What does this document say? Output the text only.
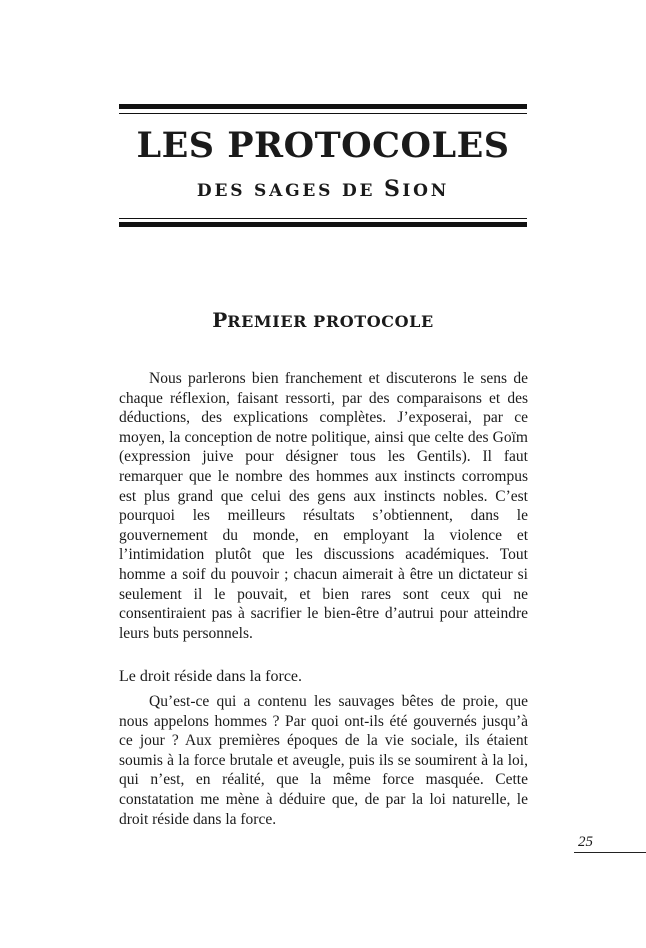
LES PROTOCOLES
DES SAGES DE SION
PREMIER PROTOCOLE

Nous parlerons bien franchement et discuterons le sens de chaque réflexion, faisant ressorti, par des comparaisons et des déductions, des explications complètes. J’exposerai, par ce moyen, la conception de notre politique, ainsi que celte des Goïm (expression juive pour désigner tous les Gentils). Il faut remarquer que le nombre des hommes aux instincts corrompus est plus grand que celui des gens aux instincts nobles. C’est pourquoi les meilleurs résultats s’obtiennent, dans le gouvernement du monde, en employant la violence et l’intimidation plutôt que les discussions académiques. Tout homme a soif du pouvoir ; chacun aimerait à être un dictateur si seulement il le pouvait, et bien rares sont ceux qui ne consentiraient pas à sacrifier le bien-être d’autrui pour atteindre leurs buts personnels.

Le droit réside dans la force.

Qu’est-ce qui a contenu les sauvages bêtes de proie, que nous appelons hommes ? Par quoi ont-ils été gouvernés jusqu’à ce jour ? Aux premières époques de la vie sociale, ils étaient soumis à la force brutale et aveugle, puis ils se soumirent à la loi, qui n’est, en réalité, que la même force masquée. Cette constatation me mène à déduire que, de par la loi naturelle, le droit réside dans la force.

25
